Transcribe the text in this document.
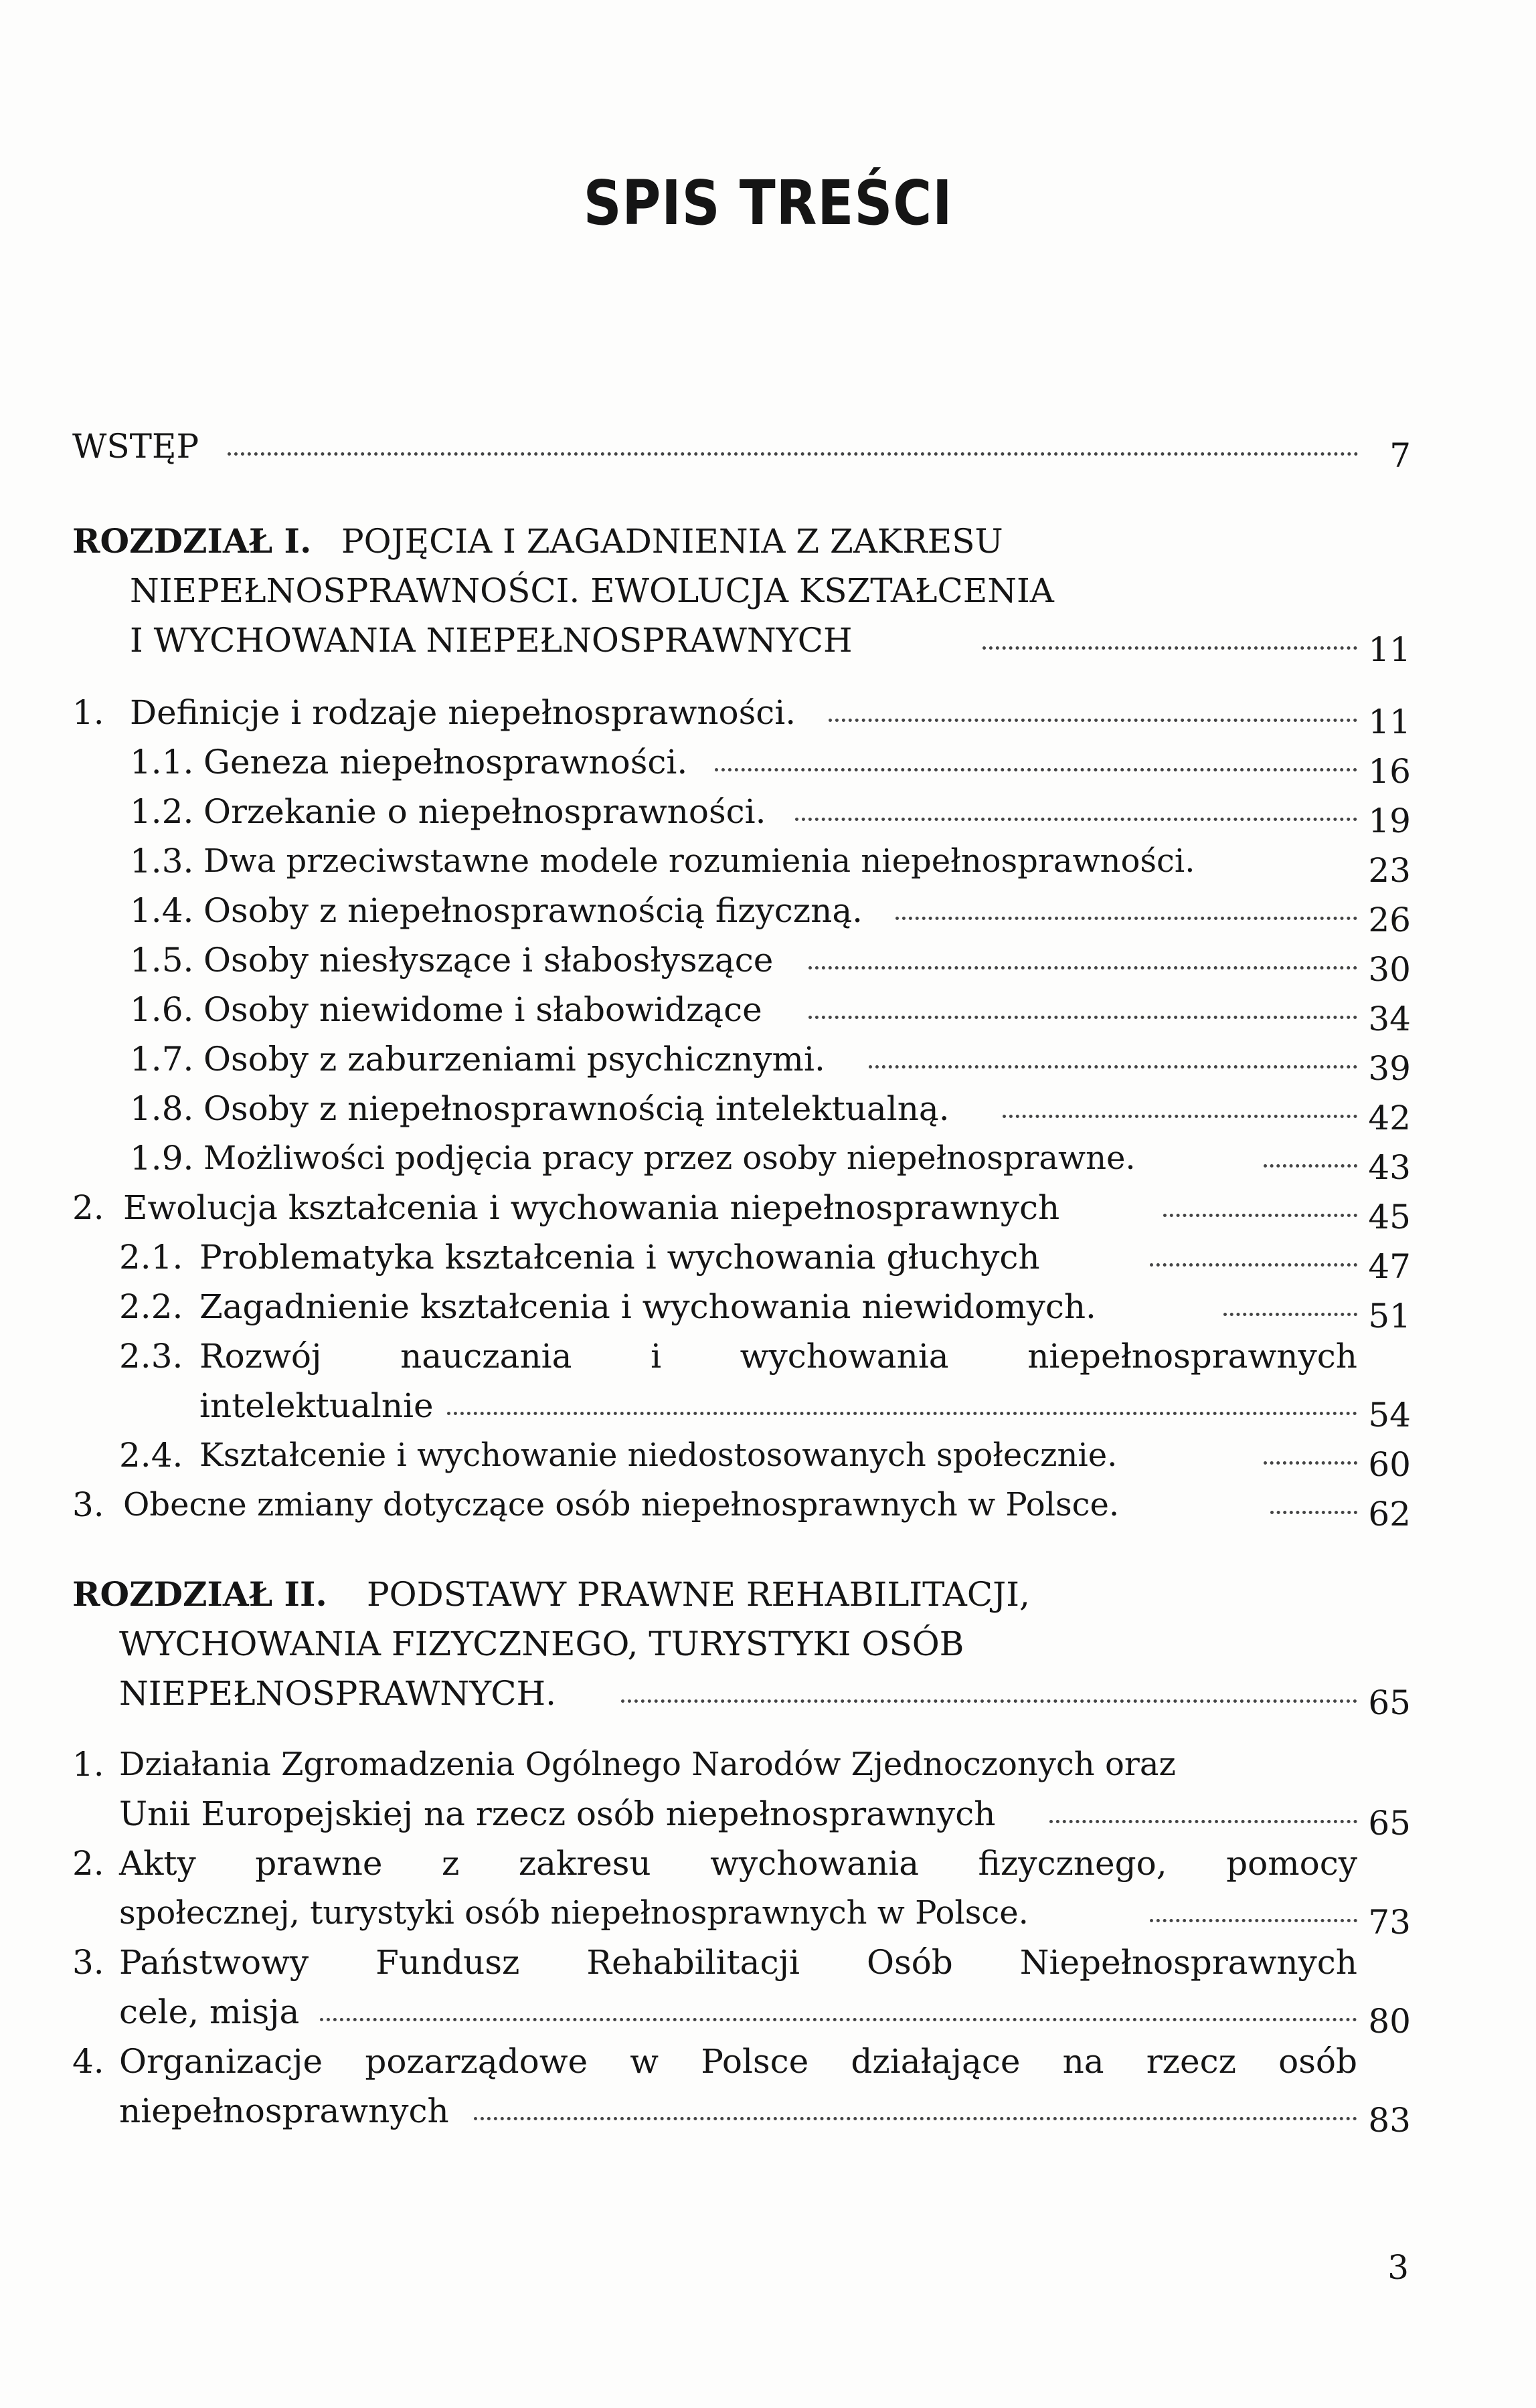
SPIS TREŚCI
WSTĘP	7
ROZDZIAŁ I. POJĘCIA I ZAGADNIENIA Z ZAKRESU
NIEPEŁNOSPRAWNOŚCI. EWOLUCJA KSZTAŁCENIA
I WYCHOWANIA NIEPEŁNOSPRAWNYCH	11
1. Definicje i rodzaje niepełnosprawności.	11
1.1. Geneza niepełnosprawności.	16
1.2. Orzekanie o niepełnosprawności.	19
1.3. Dwa przeciwstawne modele rozumienia niepełnosprawności.	23
1.4. Osoby z niepełnosprawnością fizyczną.	26
1.5. Osoby niesłyszące i słabosłyszące	30
1.6. Osoby niewidome i słabowidzące	34
1.7. Osoby z zaburzeniami psychicznymi.	39
1.8. Osoby z niepełnosprawnością intelektualną.	42
1.9. Możliwości podjęcia pracy przez osoby niepełnosprawne.	43
2. Ewolucja kształcenia i wychowania niepełnosprawnych	45
2.1. Problematyka kształcenia i wychowania głuchych	47
2.2. Zagadnienie kształcenia i wychowania niewidomych.	51
2.3. Rozwój nauczania i wychowania niepełnosprawnych
intelektualnie	54
2.4. Kształcenie i wychowanie niedostosowanych społecznie.	60
3. Obecne zmiany dotyczące osób niepełnosprawnych w Polsce.	62
ROZDZIAŁ II. PODSTAWY PRAWNE REHABILITACJI,
WYCHOWANIA FIZYCZNEGO, TURYSTYKI OSÓB
NIEPEŁNOSPRAWNYCH.	65
1. Działania Zgromadzenia Ogólnego Narodów Zjednoczonych oraz
Unii Europejskiej na rzecz osób niepełnosprawnych	65
2. Akty prawne z zakresu wychowania fizycznego, pomocy
społecznej, turystyki osób niepełnosprawnych w Polsce.	73
3. Państwowy Fundusz Rehabilitacji Osób Niepełnosprawnych
cele, misja	80
4. Organizacje pozarządowe w Polsce działające na rzecz osób
niepełnosprawnych	83
3
